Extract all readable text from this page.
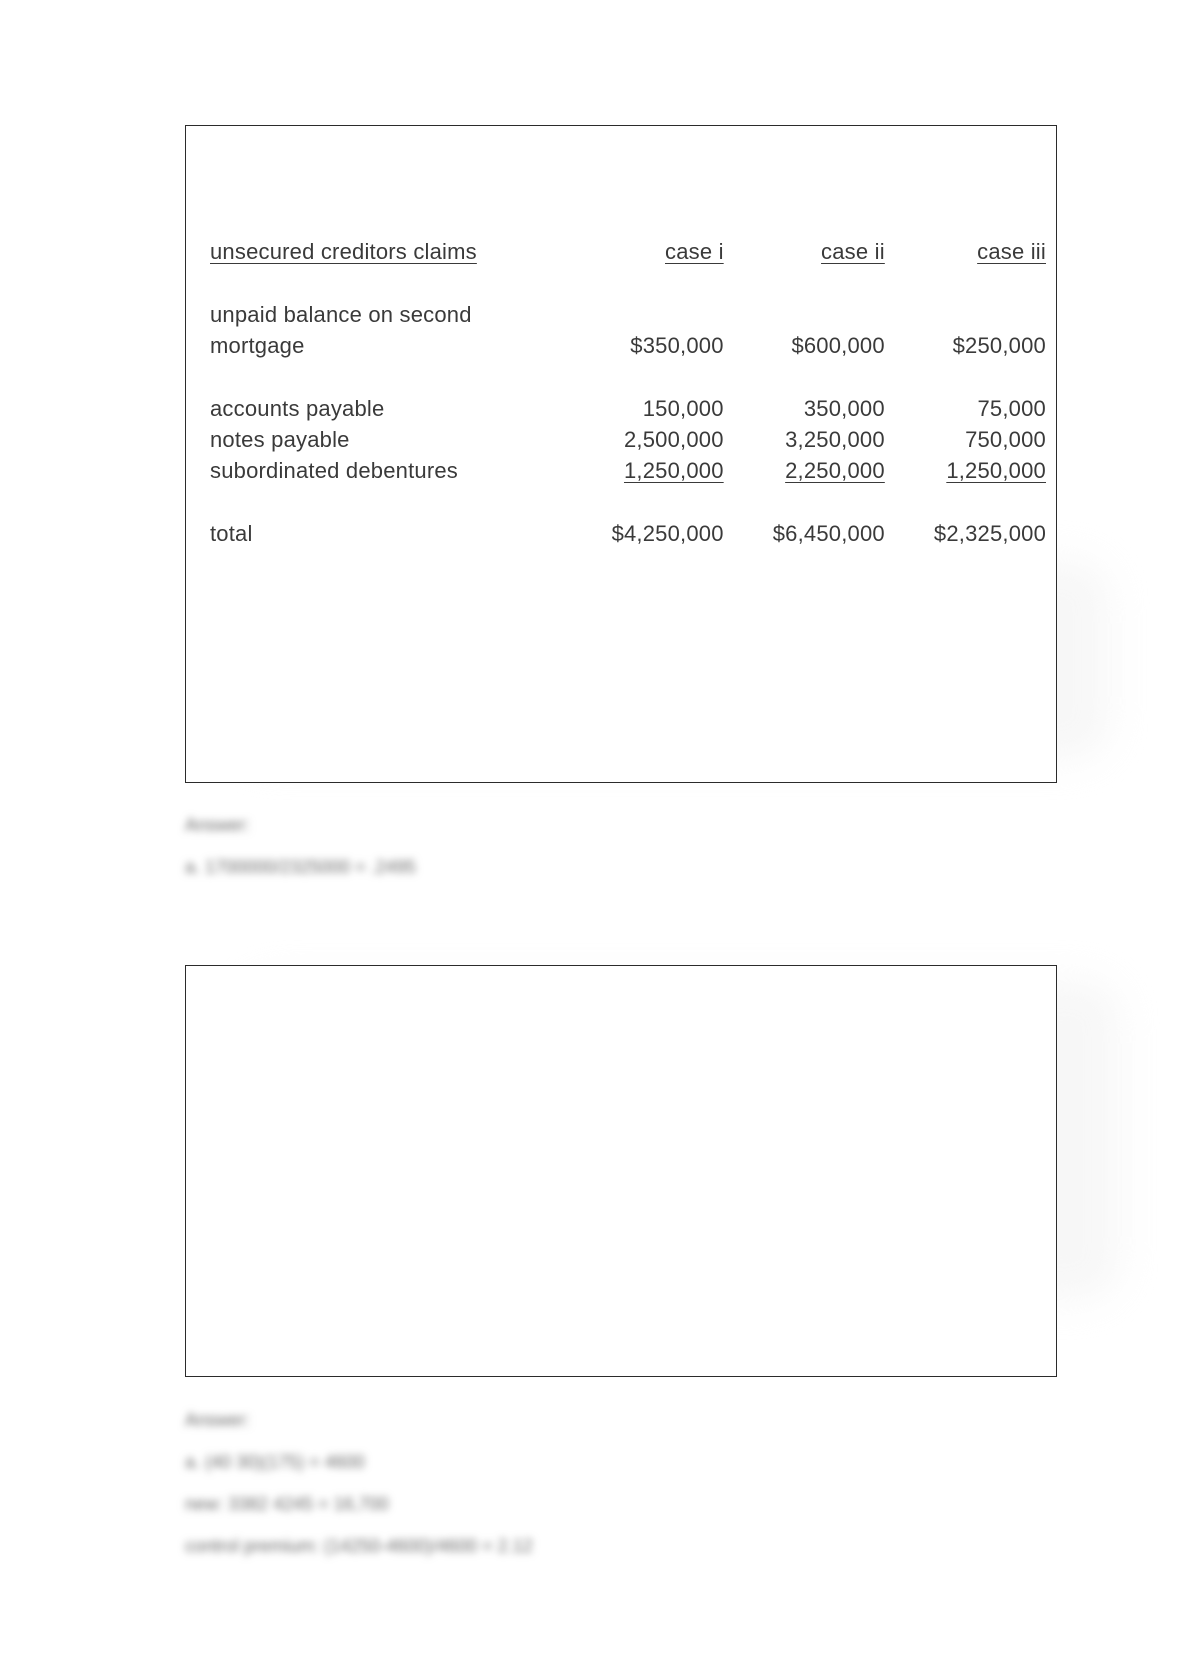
unsecured creditors claims	case i	case ii	case iii

unpaid balance on second			
mortgage	$350,000	$600,000	$250,000

accounts payable	150,000	350,000	75,000
notes payable	2,500,000	3,250,000	750,000
subordinated debentures	1,250,000	2,250,000	1,250,000

total	$4,250,000	$6,450,000	$2,325,000
Answer:
a. 1700000/2325000 = .2495
Answer:
a. (40 30)(175) = 4600
new: 3382 4245 = 16,700
control premium: (14250-4600)/4600 = 2.12
